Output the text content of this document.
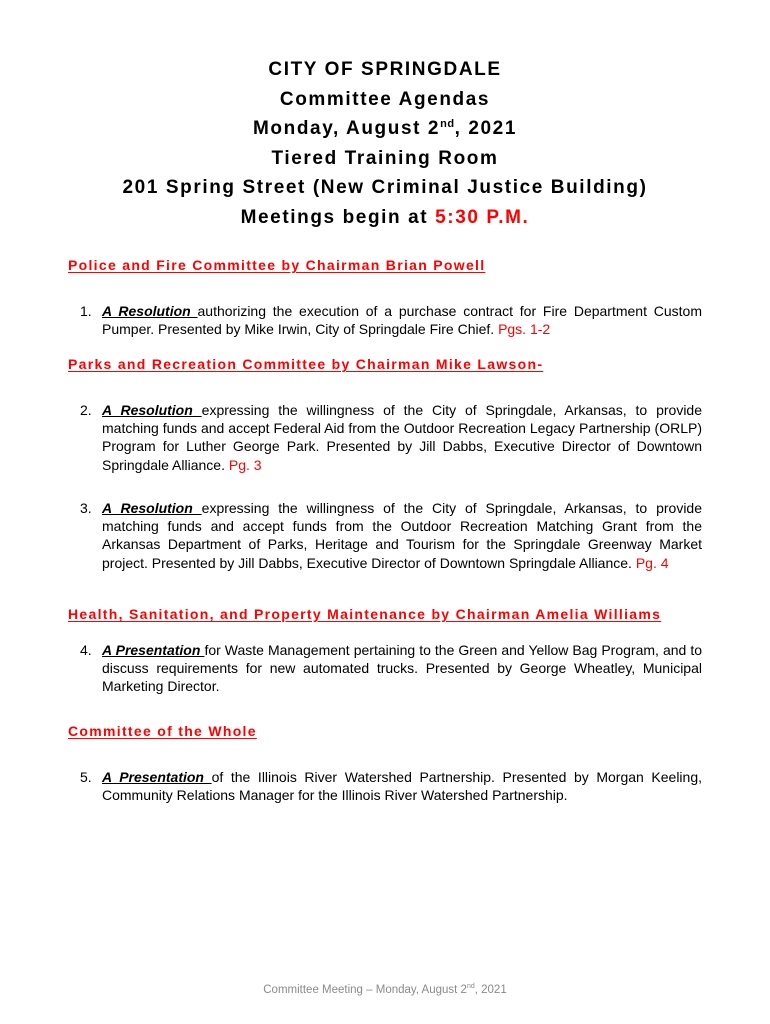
CITY OF SPRINGDALE
Committee Agendas
Monday, August 2nd, 2021
Tiered Training Room
201 Spring Street (New Criminal Justice Building)
Meetings begin at 5:30 P.M.
Police and Fire Committee by Chairman Brian Powell
1. A Resolution authorizing the execution of a purchase contract for Fire Department Custom Pumper. Presented by Mike Irwin, City of Springdale Fire Chief. Pgs. 1-2
Parks and Recreation Committee by Chairman Mike Lawson-
2. A Resolution expressing the willingness of the City of Springdale, Arkansas, to provide matching funds and accept Federal Aid from the Outdoor Recreation Legacy Partnership (ORLP) Program for Luther George Park. Presented by Jill Dabbs, Executive Director of Downtown Springdale Alliance. Pg. 3
3. A Resolution expressing the willingness of the City of Springdale, Arkansas, to provide matching funds and accept funds from the Outdoor Recreation Matching Grant from the Arkansas Department of Parks, Heritage and Tourism for the Springdale Greenway Market project. Presented by Jill Dabbs, Executive Director of Downtown Springdale Alliance. Pg. 4
Health, Sanitation, and Property Maintenance by Chairman Amelia Williams
4. A Presentation for Waste Management pertaining to the Green and Yellow Bag Program, and to discuss requirements for new automated trucks. Presented by George Wheatley, Municipal Marketing Director.
Committee of the Whole
5. A Presentation of the Illinois River Watershed Partnership. Presented by Morgan Keeling, Community Relations Manager for the Illinois River Watershed Partnership.
Committee Meeting – Monday, August 2nd, 2021
